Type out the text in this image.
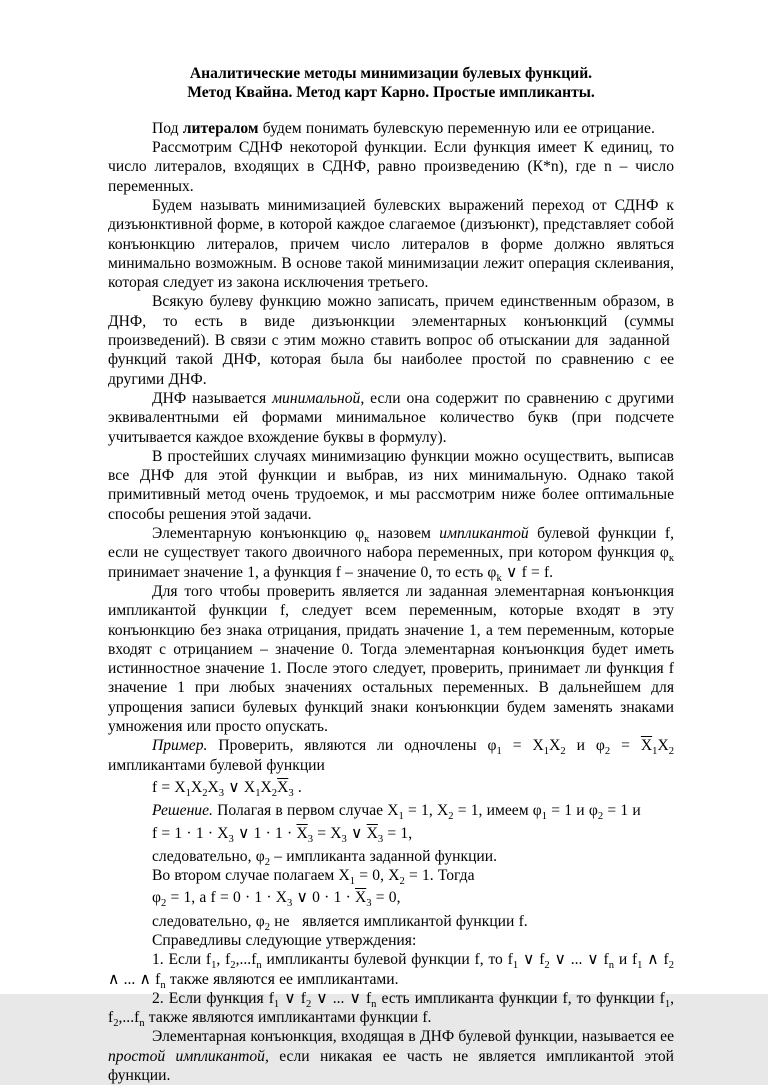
Аналитические методы минимизации булевых функций.
Метод Квайна. Метод карт Карно. Простые импликанты.

Под литералом будем понимать булевскую переменную или ее отрицание.

Рассмотрим СДНФ некоторой функции. Если функция имеет К единиц, то число литералов, входящих в СДНФ, равно произведению (К*n), где n – число переменных.

Будем называть минимизацией булевских выражений переход от СДНФ к дизъюнктивной форме, в которой каждое слагаемое (дизъюнкт), представляет собой конъюнкцию литералов, причем число литералов в форме должно являться минимально возможным. В основе такой минимизации лежит операция склеивания, которая следует из закона исключения третьего.

Всякую булеву функцию можно записать, причем единственным образом, в ДНФ, то есть в виде дизъюнкции элементарных конъюнкций (суммы произведений). В связи с этим можно ставить вопрос об отыскании для  заданной  функций такой ДНФ, которая была бы наиболее простой по сравнению с ее другими ДНФ.

ДНФ называется минимальной, если она содержит по сравнению с другими эквивалентными ей формами минимальное количество букв (при подсчете учитывается каждое вхождение буквы в формулу).

В простейших случаях минимизацию функции можно осуществить, выписав все ДНФ для этой функции и выбрав, из них минимальную. Однако такой примитивный метод очень трудоемок, и мы рассмотрим ниже более оптимальные способы решения этой задачи.

Элементарную конъюнкцию $\varphi_к$ назовем импликантой булевой функции f, если не существует такого двоичного набора переменных, при котором функция $\varphi_к$ принимает значение 1, а функция f – значение 0, то есть $\varphi_k$ ∨ f = f.

Для того чтобы проверить является ли заданная элементарная конъюнкция импликантой функции f, следует всем переменным, которые входят в эту конъюнкцию без знака отрицания, придать значение 1, а тем переменным, которые входят с отрицанием – значение 0. Тогда элементарная конъюнкция будет иметь истинностное значение 1. После этого следует, проверить, принимает ли функция f значение 1 при любых значениях остальных переменных. В дальнейшем для упрощения записи булевых функций знаки конъюнкции будем заменять знаками умножения или просто опускать.

Пример. Проверить, являются ли одночлены $\varphi_1 = X_1X_2$ и $\varphi_2 = \overline{X}_1X_2$ импликантами булевой функции

$f = X_1X_2X_3$ ∨ $X_1X_2\overline{X}_3$ .

Решение. Полагая в первом случае $X_1 = 1$, $X_2 = 1$, имеем $\varphi_1 = 1$ и $\varphi_2 = 1$ и

$f = 1 \cdot 1 \cdot X_3$ ∨ $1 \cdot 1 \cdot \overline{X}_3 = X_3$ ∨ $\overline{X}_3 = 1$,

следовательно, $\varphi_2$ – импликанта заданной функции.

Во втором случае полагаем $X_1 = 0$, $X_2 = 1$. Тогда

$\varphi_2 = 1$, а $f = 0 \cdot 1 \cdot X_3$ ∨ $0 \cdot 1 \cdot \overline{X}_3 = 0$,

следовательно, $\varphi_2$ не   является импликантой функции f.

Справедливы следующие утверждения:

1. Если $f_1$, $f_2,...f_n$ импликанты булевой функции f, то $f_1$ ∨ $f_2$ ∨ ... ∨ $f_n$ и $f_1$ ∧ $f_2$ ∧ ... ∧ $f_n$ также являются ее импликантами.

2. Если функция $f_1$ ∨ $f_2$ ∨ ... ∨ $f_n$ есть импликанта функции f, то функции $f_1$, $f_2,...f_n$ также являются импликантами функции f.

Элементарная конъюнкция, входящая в ДНФ булевой функции, называется ее простой импликантой, если никакая ее часть не является импликантой этой функции.
